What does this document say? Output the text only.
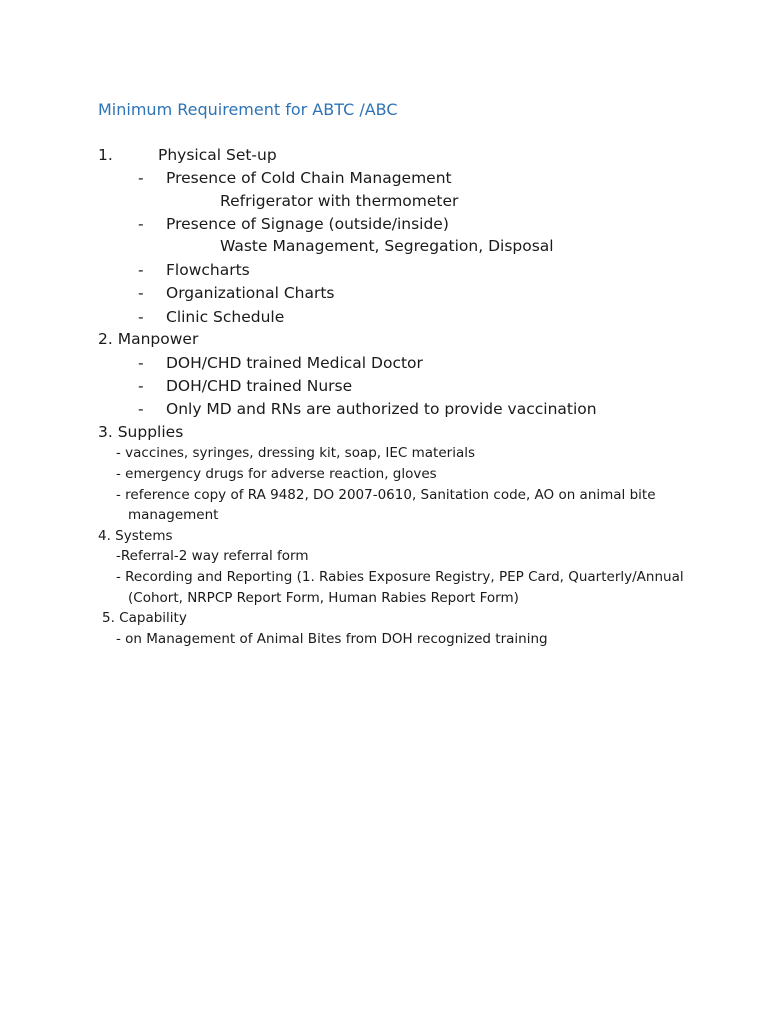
Minimum Requirement for ABTC /ABC
1.	Physical Set-up
- Presence of Cold Chain Management
Refrigerator with thermometer
- Presence of Signage (outside/inside)
Waste Management, Segregation, Disposal
- Flowcharts
- Organizational Charts
- Clinic Schedule
2. Manpower
- DOH/CHD trained Medical Doctor
- DOH/CHD trained Nurse
- Only MD and RNs are authorized to provide vaccination
3. Supplies
- vaccines, syringes, dressing kit, soap, IEC materials
- emergency drugs for adverse reaction, gloves
- reference copy of RA 9482, DO 2007-0610, Sanitation code, AO on animal bite
management
4. Systems
-Referral-2 way referral form
- Recording and Reporting (1. Rabies Exposure Registry, PEP Card, Quarterly/Annual
(Cohort, NRPCP Report Form, Human Rabies Report Form)
5. Capability
- on Management of Animal Bites from DOH recognized training
